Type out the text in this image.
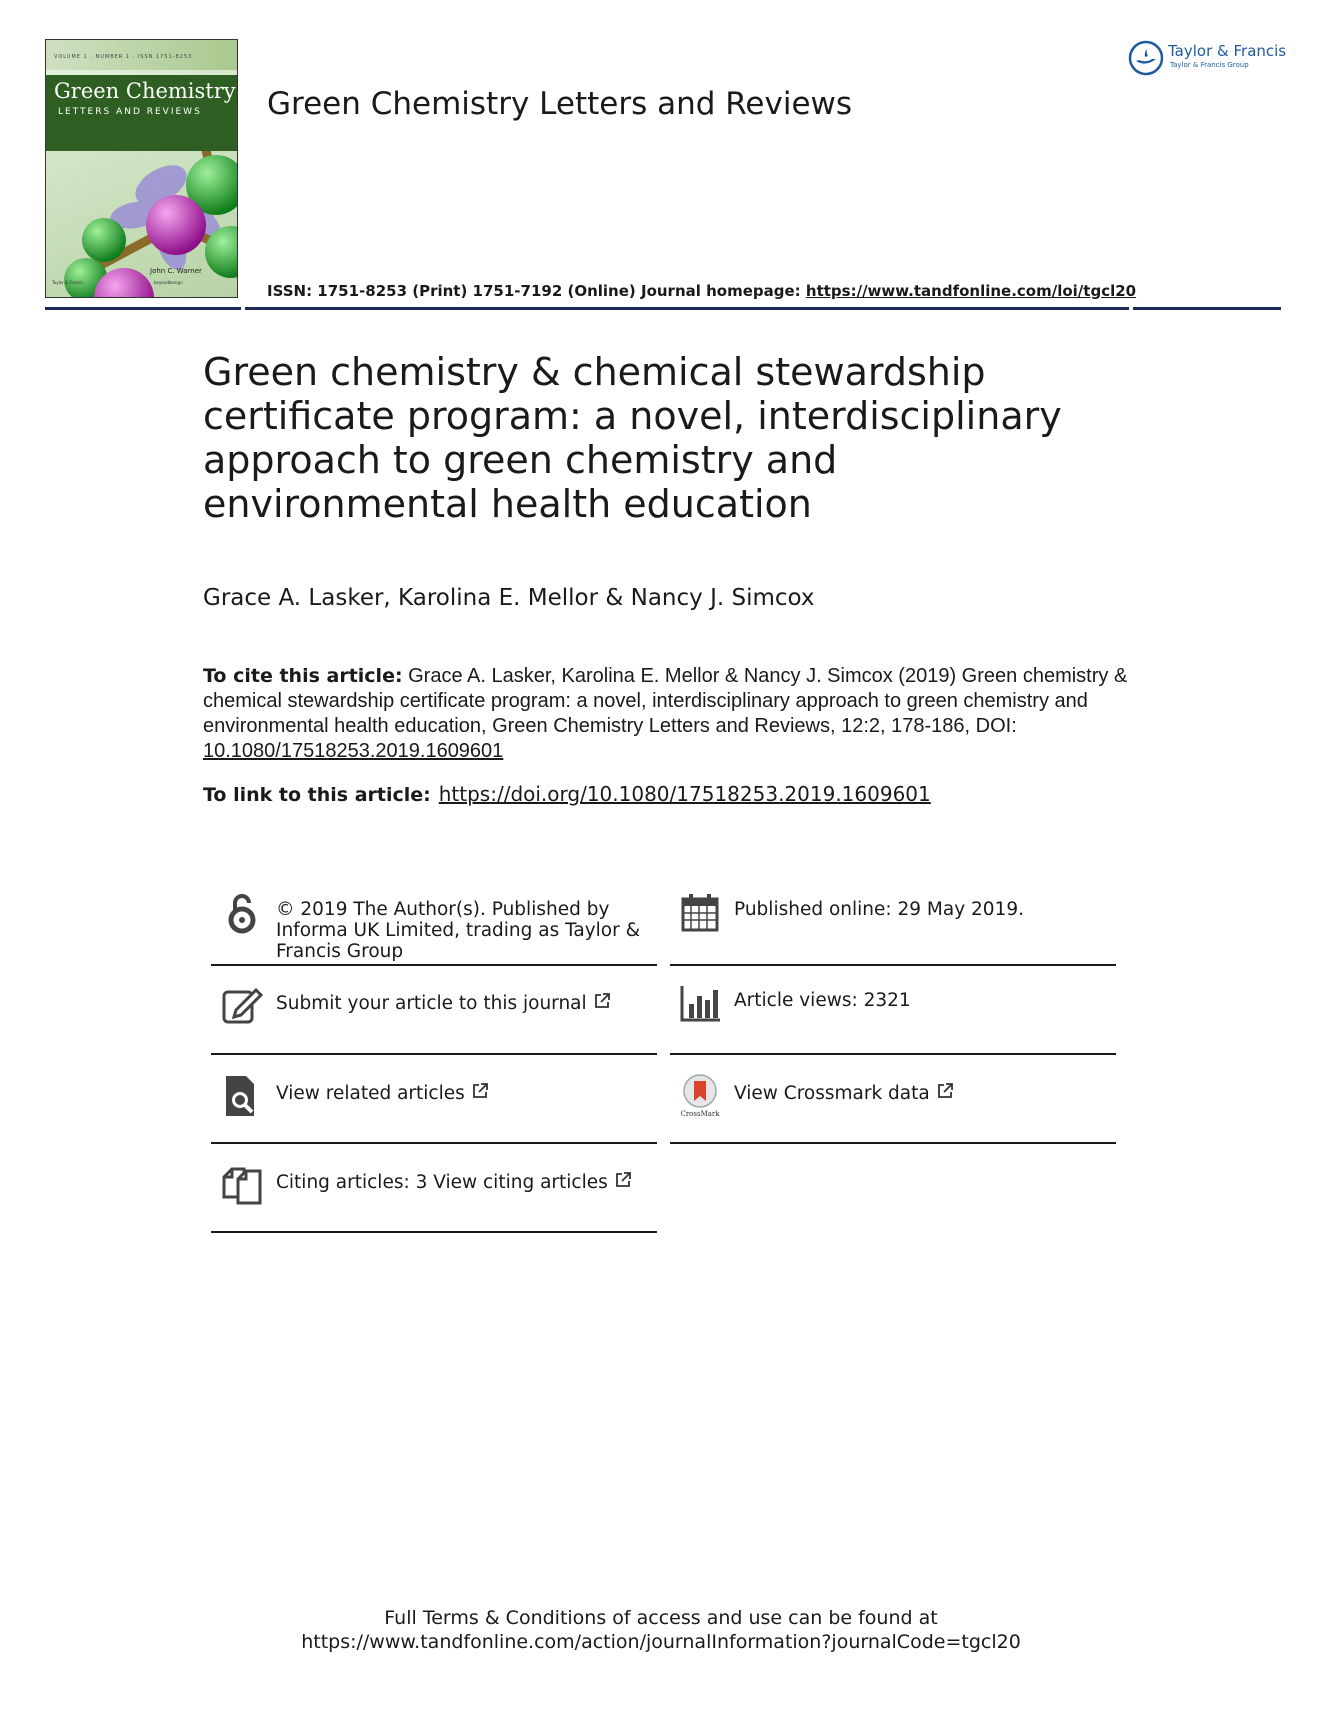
VOLUME 1 · NUMBER 1 · ISSN 1751-8253
Green Chemistry
LETTERS AND REVIEWS
John C. Warner
Taylor & Francis	beyondbenign
Green Chemistry Letters and Reviews
Taylor & Francis
Taylor & Francis Group
ISSN: 1751-8253 (Print) 1751-7192 (Online) Journal homepage: https://www.tandfonline.com/loi/tgcl20
Green chemistry & chemical stewardship certificate program: a novel, interdisciplinary approach to green chemistry and environmental health education
Grace A. Lasker, Karolina E. Mellor & Nancy J. Simcox
To cite this article: Grace A. Lasker, Karolina E. Mellor & Nancy J. Simcox (2019) Green chemistry & chemical stewardship certificate program: a novel, interdisciplinary approach to green chemistry and environmental health education, Green Chemistry Letters and Reviews, 12:2, 178-186, DOI: 10.1080/17518253.2019.1609601
To link to this article: https://doi.org/10.1080/17518253.2019.1609601
© 2019 The Author(s). Published by Informa UK Limited, trading as Taylor & Francis Group
Published online: 29 May 2019.
Submit your article to this journal	Article views: 2321
View related articles
CrossMark
View Crossmark data
Citing articles: 3 View citing articles
Full Terms & Conditions of access and use can be found at
https://www.tandfonline.com/action/journalInformation?journalCode=tgcl20
